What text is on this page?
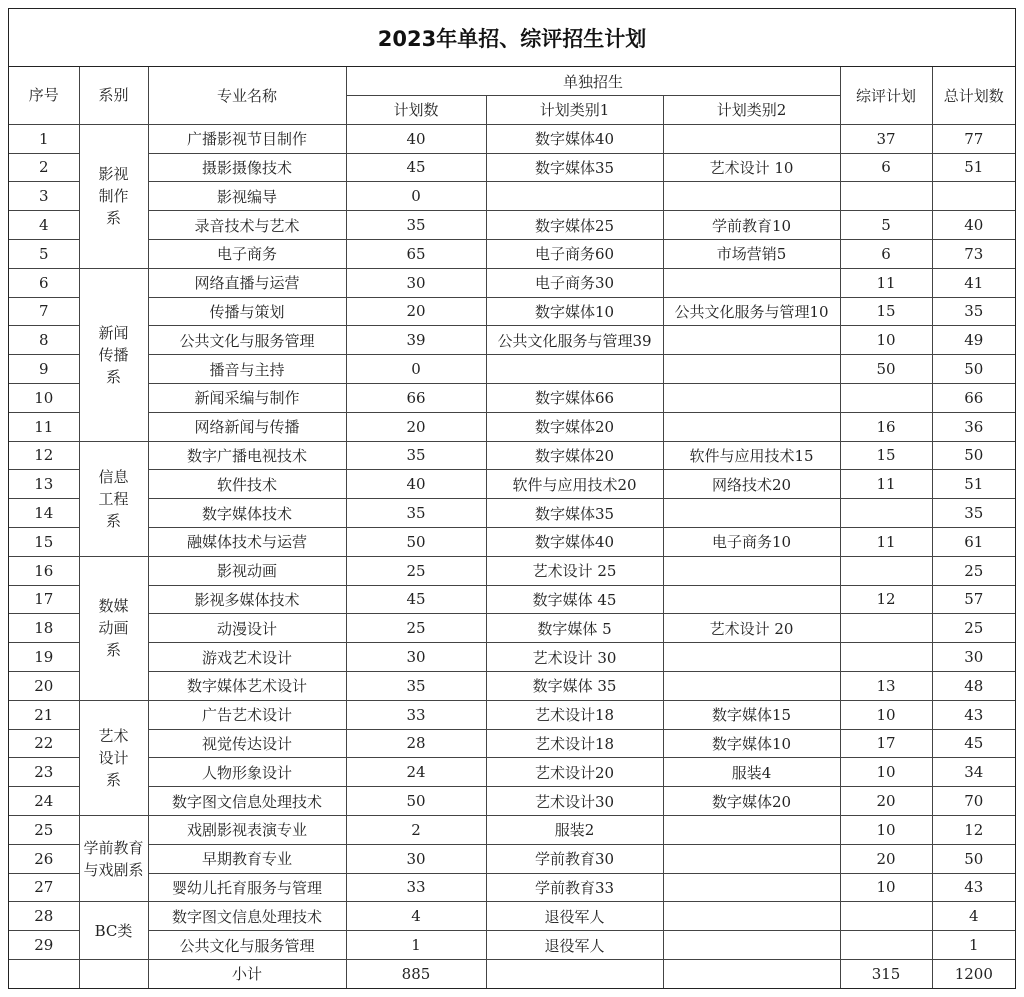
2023年单招、综评招生计划
序号	系别	专业名称	单独招生			综评计划	总计划数
			计划数	计划类别1	计划类别2		
1	影视制作系	广播影视节目制作	40	数字媒体40		37	77
2		摄影摄像技术	45	数字媒体35	艺术设计 10	6	51
3		影视编导	0				
4		录音技术与艺术	35	数字媒体25	学前教育10	5	40
5		电子商务	65	电子商务60	市场营销5	6	73
6	新闻传播系	网络直播与运营	30	电子商务30		11	41
7		传播与策划	20	数字媒体10	公共文化服务与管理10	15	35
8		公共文化与服务管理	39	公共文化服务与管理39		10	49
9		播音与主持	0			50	50
10		新闻采编与制作	66	数字媒体66			66
11		网络新闻与传播	20	数字媒体20		16	36
12	信息工程系	数字广播电视技术	35	数字媒体20	软件与应用技术15	15	50
13		软件技术	40	软件与应用技术20	网络技术20	11	51
14		数字媒体技术	35	数字媒体35			35
15		融媒体技术与运营	50	数字媒体40	电子商务10	11	61
16	数媒动画系	影视动画	25	艺术设计 25			25
17		影视多媒体技术	45	数字媒体 45		12	57
18		动漫设计	25	数字媒体 5	艺术设计 20		25
19		游戏艺术设计	30	艺术设计 30			30
20		数字媒体艺术设计	35	数字媒体 35		13	48
21	艺术设计系	广告艺术设计	33	艺术设计18	数字媒体15	10	43
22		视觉传达设计	28	艺术设计18	数字媒体10	17	45
23		人物形象设计	24	艺术设计20	服装4	10	34
24		数字图文信息处理技术	50	艺术设计30	数字媒体20	20	70
25	学前教育与戏剧系	戏剧影视表演专业	2	服装2		10	12
26		早期教育专业	30	学前教育30		20	50
27		婴幼儿托育服务与管理	33	学前教育33		10	43
28	BC类	数字图文信息处理技术	4	退役军人			4
29		公共文化与服务管理	1	退役军人			1
		小计	885			315	1200
